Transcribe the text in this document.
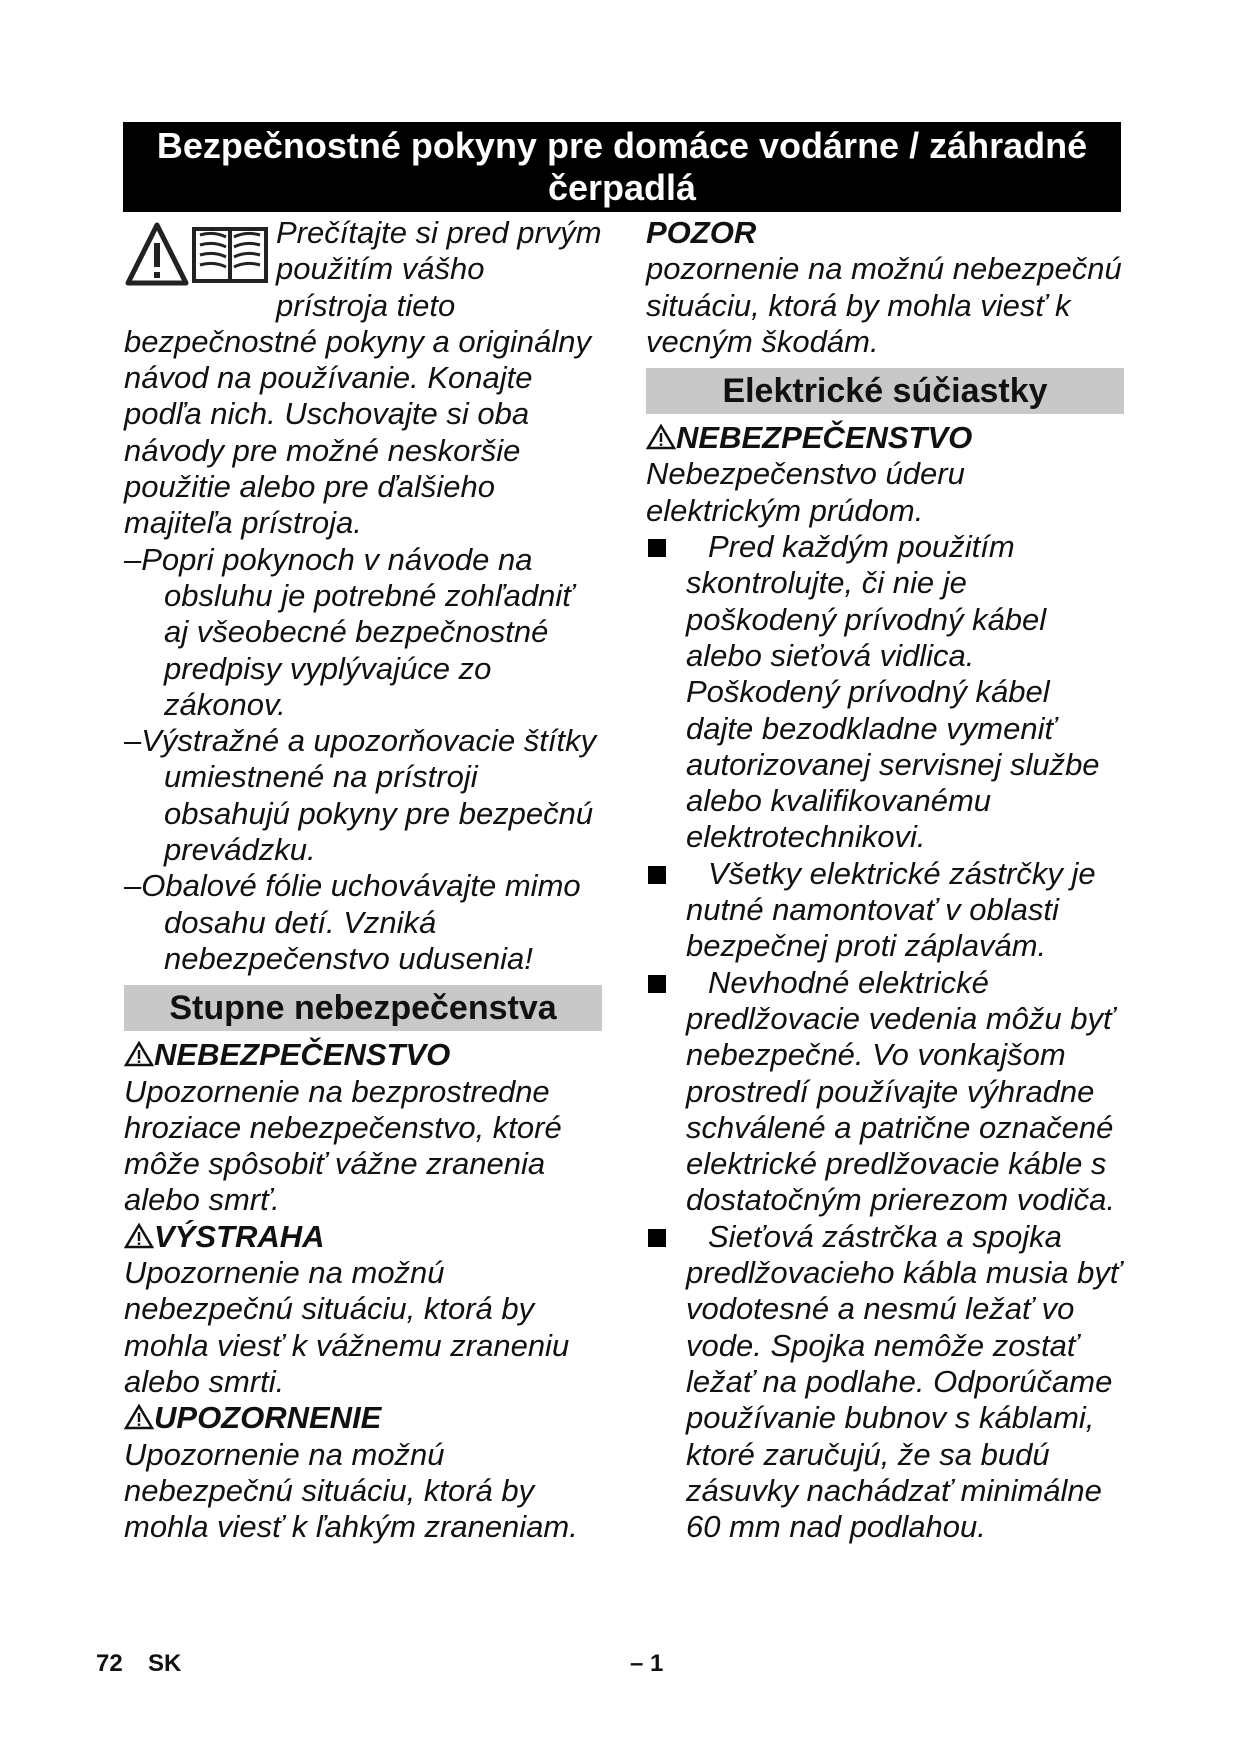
Bezpečnostné pokyny pre domáce vodárne / záhradné čerpadlá
Prečítajte si pred prvým použitím vášho prístroja tieto bezpečnostné pokyny a originálny návod na používanie. Konajte podľa nich. Uschovajte si oba návody pre možné neskoršie použitie alebo pre ďalšieho majiteľa prístroja.
–Popri pokynoch v návode na obsluhu je potrebné zohľadniť aj všeobecné bezpečnostné predpisy vyplývajúce zo zákonov.
–Výstražné a upozorňovacie štítky umiestnené na prístroji obsahujú pokyny pre bezpečnú prevádzku.
–Obalové fólie uchovávajte mimo dosahu detí. Vzniká nebezpečenstvo udusenia!
Stupne nebezpečenstva
NEBEZPEČENSTVO
Upozornenie na bezprostredne hroziace nebezpečenstvo, ktoré môže spôsobiť vážne zranenia alebo smrť.
VÝSTRAHA
Upozornenie na možnú nebezpečnú situáciu, ktorá by mohla viesť k vážnemu zraneniu alebo smrti.
UPOZORNENIE
Upozornenie na možnú nebezpečnú situáciu, ktorá by mohla viesť k ľahkým zraneniam.
POZOR
pozornenie na možnú nebezpečnú situáciu, ktorá by mohla viesť k vecným škodám.
Elektrické súčiastky
NEBEZPEČENSTVO
Nebezpečenstvo úderu elektrickým prúdom.
Pred každým použitím skontrolujte, či nie je poškodený prívodný kábel alebo sieťová vidlica. Poškodený prívodný kábel dajte bezodkladne vymeniť autorizovanej servisnej službe alebo kvalifikovanému elektrotechnikovi.
Všetky elektrické zástrčky je nutné namontovať v oblasti bezpečnej proti záplavám.
Nevhodné elektrické predlžovacie vedenia môžu byť nebezpečné. Vo vonkajšom prostredí používajte výhradne schválené a patrične označené elektrické predlžovacie káble s dostatočným prierezom vodiča.
Sieťová zástrčka a spojka predlžovacieho kábla musia byť vodotesné a nesmú ležať vo vode. Spojka nemôže zostať ležať na podlahe. Odporúčame používanie bubnov s káblami, ktoré zaručujú, že sa budú zásuvky nachádzať minimálne 60 mm nad podlahou.
72 SK	– 1
